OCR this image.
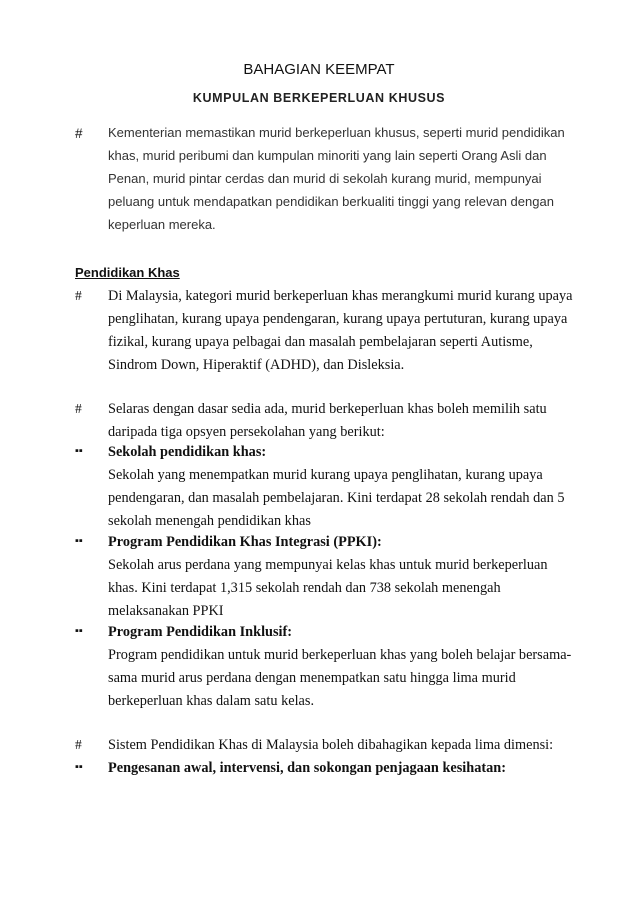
BAHAGIAN KEEMPAT
KUMPULAN BERKEPERLUAN KHUSUS
# Kementerian memastikan murid berkeperluan khusus, seperti murid pendidikan khas, murid peribumi dan kumpulan minoriti yang lain seperti Orang Asli dan Penan, murid pintar cerdas dan murid di sekolah kurang murid, mempunyai peluang untuk mendapatkan pendidikan berkualiti tinggi yang relevan dengan keperluan mereka.
Pendidikan Khas
# Di Malaysia, kategori murid berkeperluan khas merangkumi murid kurang upaya penglihatan, kurang upaya pendengaran, kurang upaya pertuturan, kurang upaya fizikal, kurang upaya pelbagai dan masalah pembelajaran seperti Autisme, Sindrom Down, Hiperaktif (ADHD), dan Disleksia.
# Selaras dengan dasar sedia ada, murid berkeperluan khas boleh memilih satu daripada tiga opsyen persekolahan yang berikut:
▪▪ Sekolah pendidikan khas:
Sekolah yang menempatkan murid kurang upaya penglihatan, kurang upaya pendengaran, dan masalah pembelajaran. Kini terdapat 28 sekolah rendah dan 5 sekolah menengah pendidikan khas
▪▪ Program Pendidikan Khas Integrasi (PPKI):
Sekolah arus perdana yang mempunyai kelas khas untuk murid berkeperluan khas. Kini terdapat 1,315 sekolah rendah dan 738 sekolah menengah melaksanakan PPKI
▪▪ Program Pendidikan Inklusif:
Program pendidikan untuk murid berkeperluan khas yang boleh belajar bersama-sama murid arus perdana dengan menempatkan satu hingga lima murid berkeperluan khas dalam satu kelas.
# Sistem Pendidikan Khas di Malaysia boleh dibahagikan kepada lima dimensi:
▪▪ Pengesanan awal, intervensi, dan sokongan penjagaan kesihatan:
